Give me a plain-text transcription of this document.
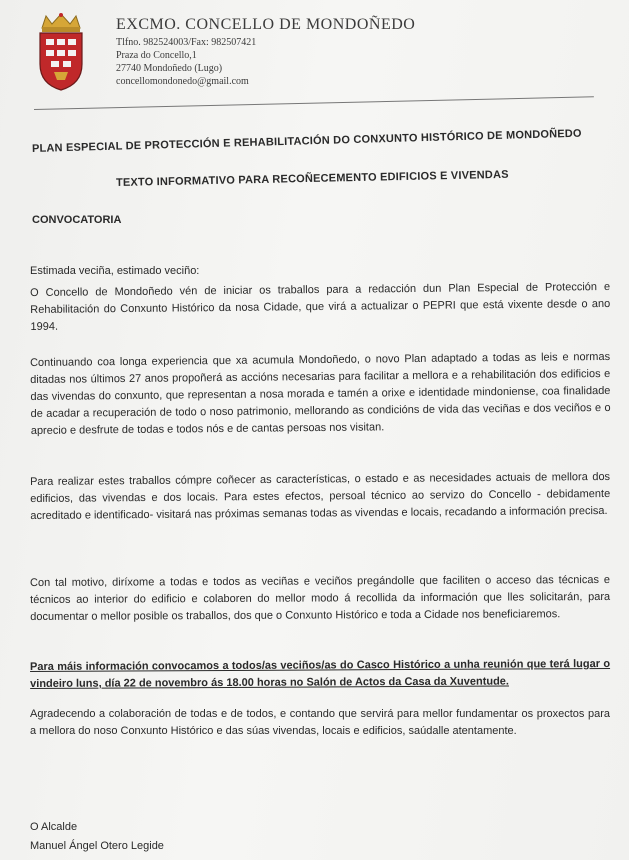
EXCMO. CONCELLO DE MONDOÑEDO
Tlfno. 982524003/Fax: 982507421
Praza do Concello,1
27740 Mondoñedo (Lugo)
concellomondonedo@gmail.com
PLAN ESPECIAL DE PROTECCIÓN E REHABILITACIÓN DO CONXUNTO HISTÓRICO DE MONDOÑEDO
TEXTO INFORMATIVO PARA RECOÑECEMENTO EDIFICIOS E VIVENDAS
CONVOCATORIA
Estimada veciña, estimado veciño:
O Concello de Mondoñedo vén de iniciar os traballos para a redacción dun Plan Especial de Protección e Rehabilitación do Conxunto Histórico da nosa Cidade, que virá a actualizar o PEPRI que está vixente desde o ano 1994.
Continuando coa longa experiencia que xa acumula Mondoñedo, o novo Plan adaptado a todas as leis e normas ditadas nos últimos 27 anos propoñerá as accións necesarias para facilitar a mellora e a rehabilitación dos edificios e das vivendas do conxunto, que representan a nosa morada e tamén a orixe e identidade mindoniense, coa finalidade de acadar a recuperación de todo o noso patrimonio, mellorando as condicións de vida das veciñas e dos veciños e o aprecio e desfrute de todas e todos nós e de cantas persoas nos visitan.
Para realizar estes traballos cómpre coñecer as características, o estado e as necesidades actuais de mellora dos edificios, das vivendas e dos locais. Para estes efectos, persoal técnico ao servizo do Concello - debidamente acreditado e identificado- visitará nas próximas semanas todas as vivendas e locais, recadando a información precisa.
Con tal motivo, diríxome a todas e todos as veciñas e veciños pregándolle que faciliten o acceso das técnicas e técnicos ao interior do edificio e colaboren do mellor modo á recollida da información que lles solicitarán, para documentar o mellor posible os traballos, dos que o Conxunto Histórico e toda a Cidade nos beneficiaremos.
Para máis información convocamos a todos/as veciños/as do Casco Histórico a unha reunión que terá lugar o vindeiro luns, día 22 de novembro ás 18.00 horas no Salón de Actos da Casa da Xuventude.
Agradecendo a colaboración de todas e de todos, e contando que servirá para mellor fundamentar os proxectos para a mellora do noso Conxunto Histórico e das súas vivendas, locais e edificios, saúdalle atentamente.
O Alcalde
Manuel Ángel Otero Legide
